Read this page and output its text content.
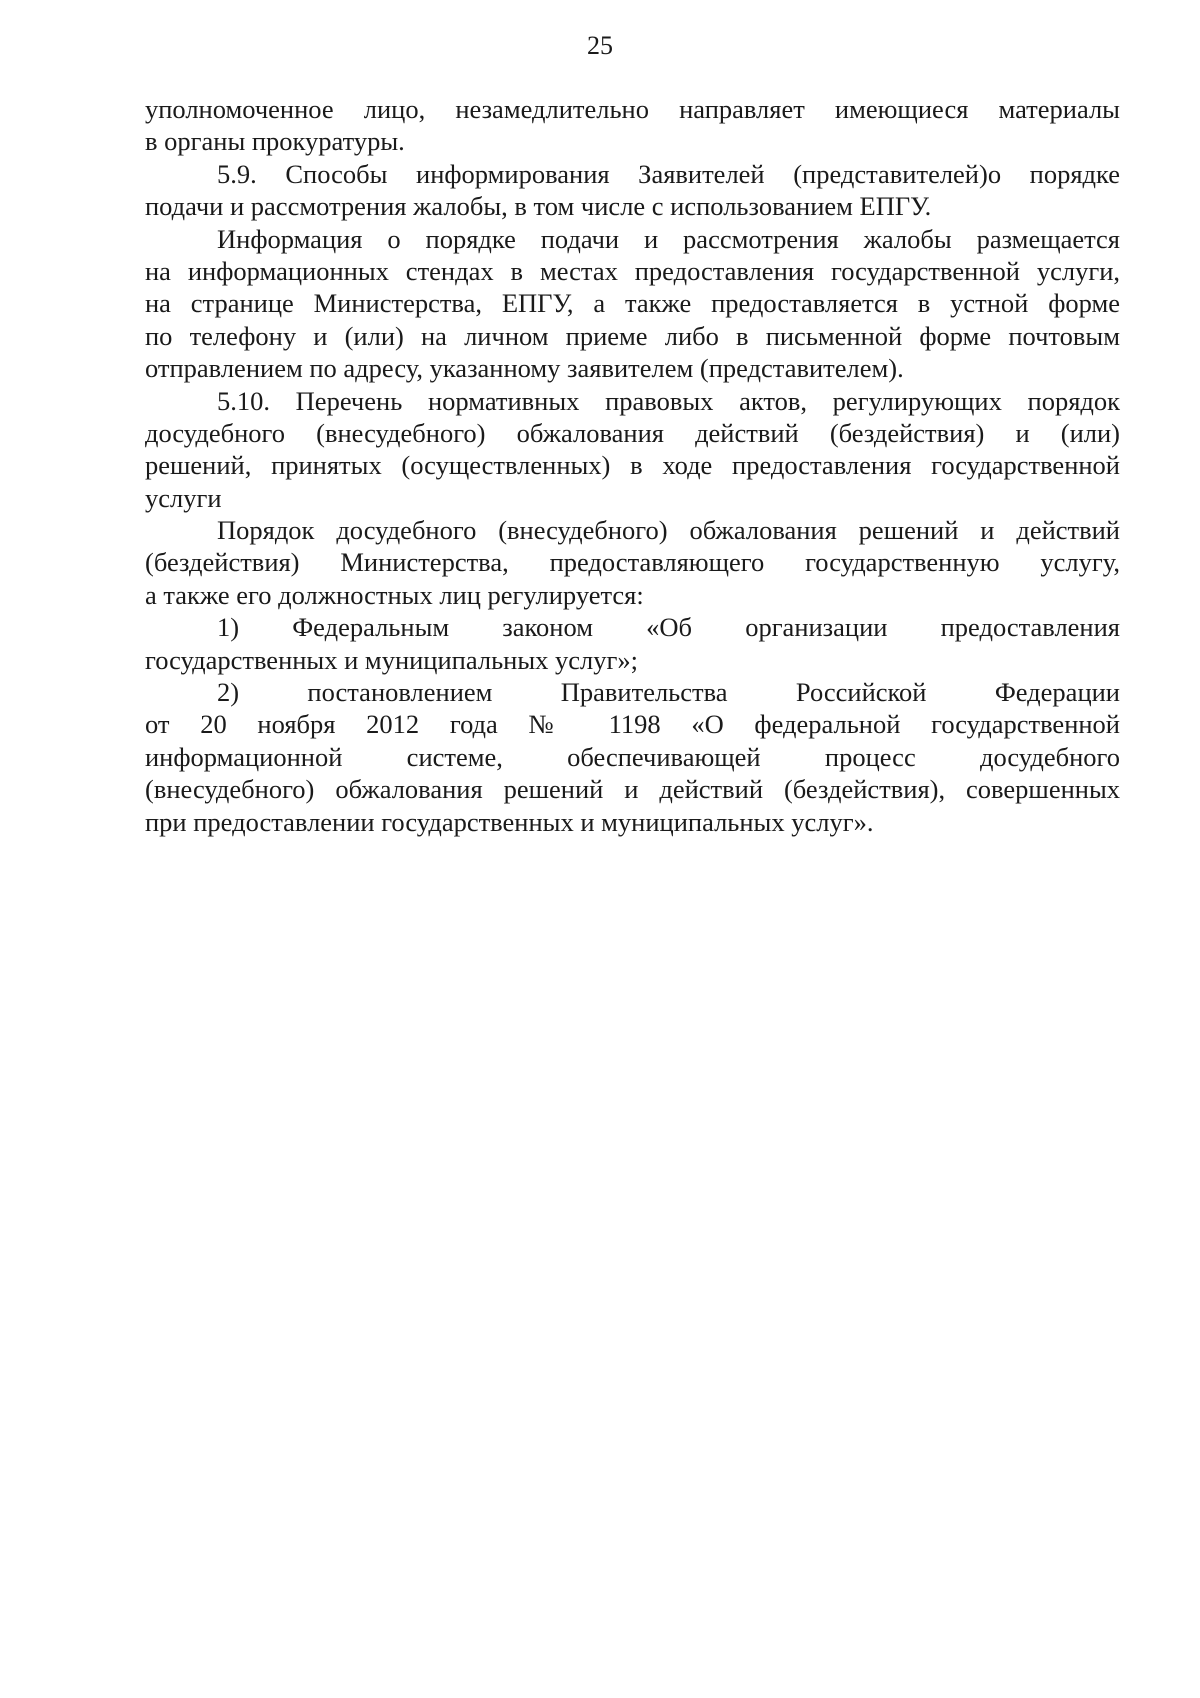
25
уполномоченное лицо, незамедлительно направляет имеющиеся материалы
в органы прокуратуры.
5.9. Способы информирования Заявителей (представителей)о порядке
подачи и рассмотрения жалобы, в том числе с использованием ЕПГУ.
Информация о порядке подачи и рассмотрения жалобы размещается
на информационных стендах в местах предоставления государственной услуги,
на странице Министерства, ЕПГУ, а также предоставляется в устной форме
по телефону и (или) на личном приеме либо в письменной форме почтовым
отправлением по адресу, указанному заявителем (представителем).
5.10. Перечень нормативных правовых актов, регулирующих порядок
досудебного (внесудебного) обжалования действий (бездействия) и (или)
решений, принятых (осуществленных) в ходе предоставления государственной
услуги
Порядок досудебного (внесудебного) обжалования решений и действий
(бездействия) Министерства, предоставляющего государственную услугу,
а также его должностных лиц регулируется:
1) Федеральным законом «Об организации предоставления
государственных и муниципальных услуг»;
2) постановлением Правительства Российской Федерации
от 20 ноября 2012 года № 1198 «О федеральной государственной
информационной системе, обеспечивающей процесс досудебного
(внесудебного) обжалования решений и действий (бездействия), совершенных
при предоставлении государственных и муниципальных услуг».
